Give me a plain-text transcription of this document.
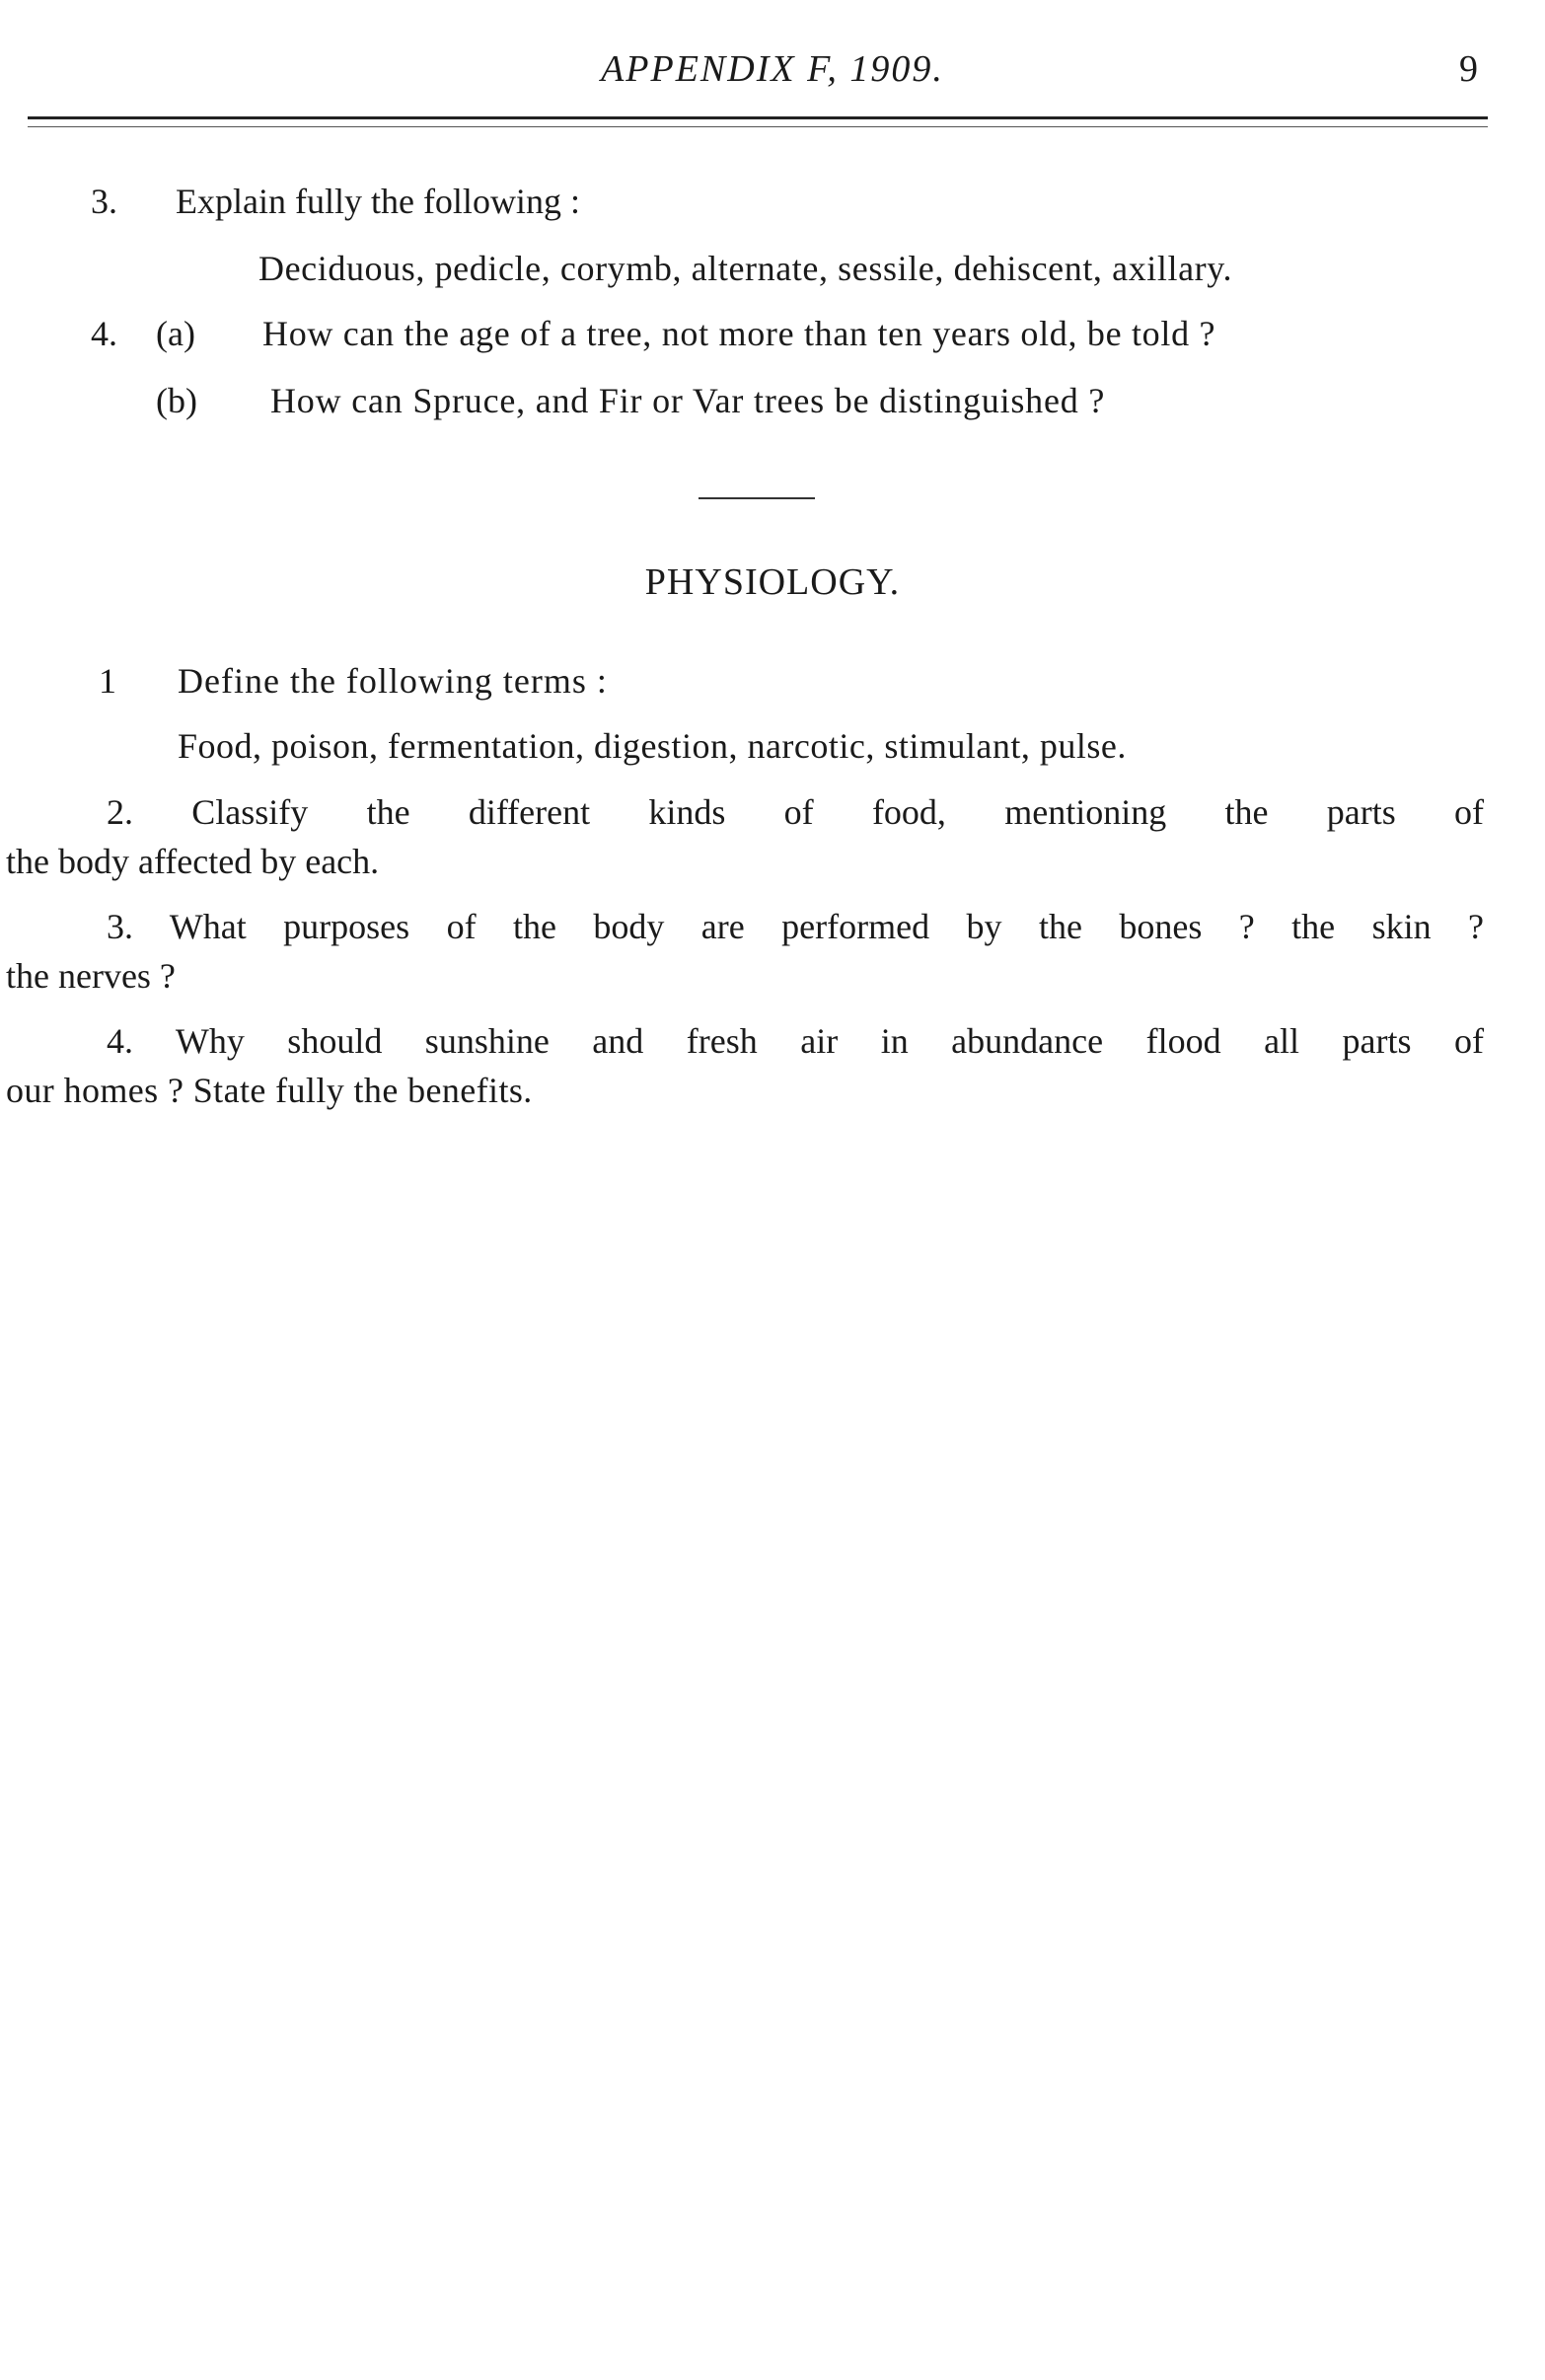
APPENDIX F, 1909.	9
3. Explain fully the following :
Deciduous, pedicle, corymb, alternate, sessile, dehiscent, axillary.
4. (a) How can the age of a tree, not more than ten years old, be told ?
(b) How can Spruce, and Fir or Var trees be distinguished ?
PHYSIOLOGY.
1 Define the following terms :
Food, poison, fermentation, digestion, narcotic, stimulant, pulse.
2. Classify the different kinds of food, mentioning the parts of
the body affected by each.
3. What purposes of the body are performed by the bones ? the skin ?
the nerves ?
4. Why should sunshine and fresh air in abundance flood all parts of
our homes ? State fully the benefits.
